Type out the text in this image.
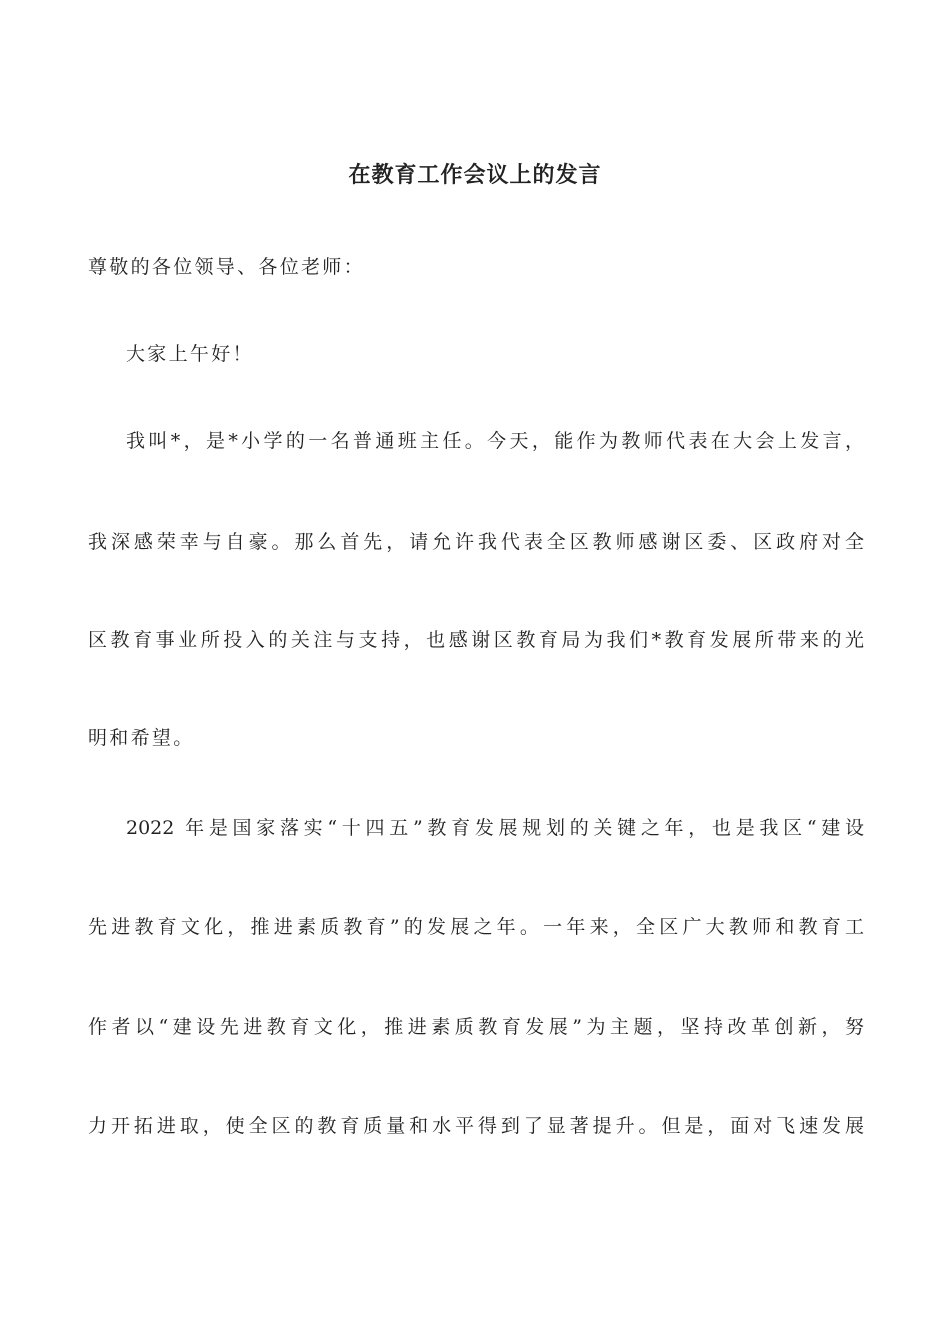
在教育工作会议上的发言
尊敬的各位领导、各位老师：
大家上午好！
我叫*，是*小学的一名普通班主任。今天，能作为教师代表在大会上发言，
我深感荣幸与自豪。那么首先，请允许我代表全区教师感谢区委、区政府对全
区教育事业所投入的关注与支持，也感谢区教育局为我们*教育发展所带来的光
明和希望。
2022 年是国家落实“十四五”教育发展规划的关键之年，也是我区“建设
先进教育文化，推进素质教育”的发展之年。一年来，全区广大教师和教育工
作者以“建设先进教育文化，推进素质教育发展”为主题，坚持改革创新，努
力开拓进取，使全区的教育质量和水平得到了显著提升。但是，面对飞速发展
